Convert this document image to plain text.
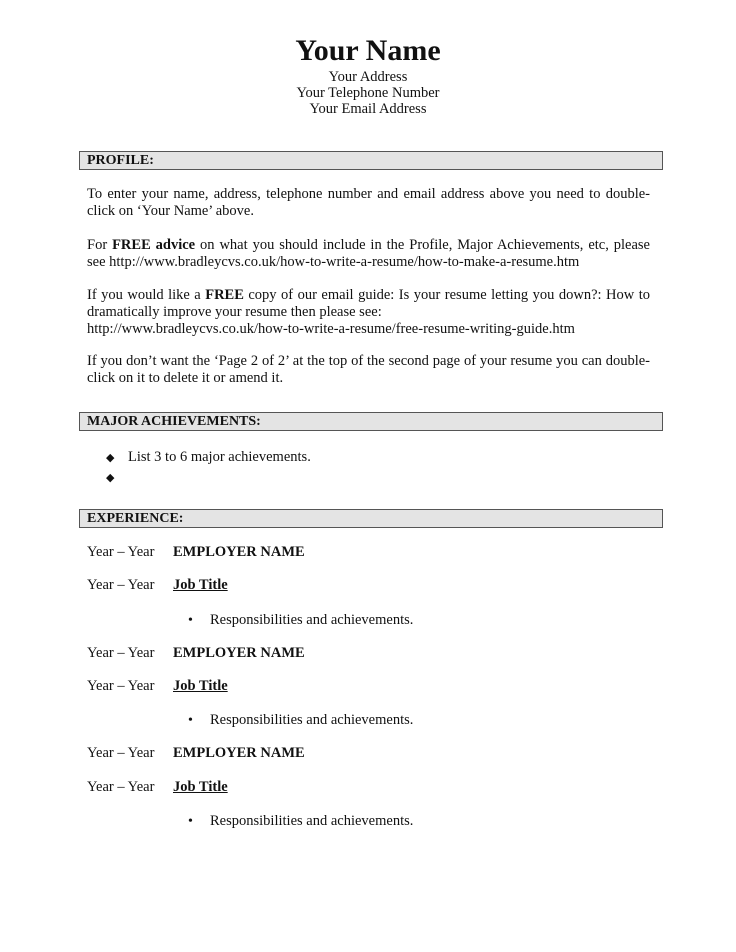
Your Name

Your Address

Your Telephone Number

Your Email Address

PROFILE:

To enter your name, address, telephone number and email address above you need to double-click on ‘Your Name’ above.

For FREE advice on what you should include in the Profile, Major Achievements, etc, please see http://www.bradleycvs.co.uk/how-to-write-a-resume/how-to-make-a-resume.htm

If you would like a FREE copy of our email guide: Is your resume letting you down?: How to dramatically improve your resume then please see:
http://www.bradleycvs.co.uk/how-to-write-a-resume/free-resume-writing-guide.htm

If you don’t want the ‘Page 2 of 2’ at the top of the second page of your resume you can double-click on it to delete it or amend it.

MAJOR ACHIEVEMENTS:
◆ List 3 to 6 major achievements.
◆
EXPERIENCE:
Year – Year EMPLOYER NAME
Year – Year Job Title
• Responsibilities and achievements.
Year – Year EMPLOYER NAME
Year – Year Job Title
• Responsibilities and achievements.
Year – Year EMPLOYER NAME
Year – Year Job Title
• Responsibilities and achievements.
